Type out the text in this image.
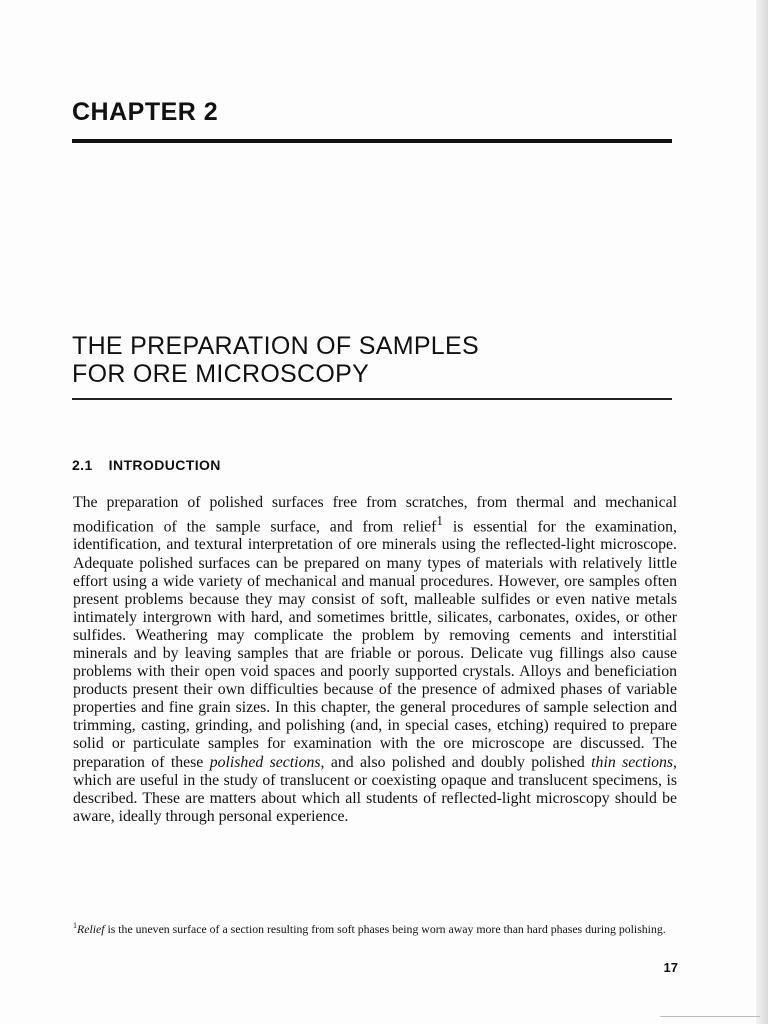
CHAPTER 2
THE PREPARATION OF SAMPLES
FOR ORE MICROSCOPY
2.1 INTRODUCTION

The preparation of polished surfaces free from scratches, from thermal and mechanical modification of the sample surface, and from relief$^1$ is essential for the examination, identification, and textural interpretation of ore minerals using the reflected-light microscope. Adequate polished surfaces can be prepared on many types of materials with relatively little effort using a wide variety of mechanical and manual procedures. However, ore samples often present problems because they may consist of soft, malleable sulfides or even native metals intimately intergrown with hard, and sometimes brittle, silicates, carbonates, oxides, or other sulfides. Weathering may complicate the problem by removing cements and interstitial minerals and by leaving samples that are friable or porous. Delicate vug fillings also cause problems with their open void spaces and poorly supported crystals. Alloys and beneficiation products present their own difficulties because of the presence of admixed phases of variable properties and fine grain sizes. In this chapter, the general procedures of sample selection and trimming, casting, grinding, and polishing (and, in special cases, etching) required to prepare solid or particulate samples for examination with the ore microscope are discussed. The preparation of these polished sections, and also polished and doubly polished thin sections, which are useful in the study of translucent or coexisting opaque and translucent specimens, is described. These are matters about which all students of reflected-light microscopy should be aware, ideally through personal experience.

$^1$Relief is the uneven surface of a section resulting from soft phases being worn away more than hard phases during polishing.

17
